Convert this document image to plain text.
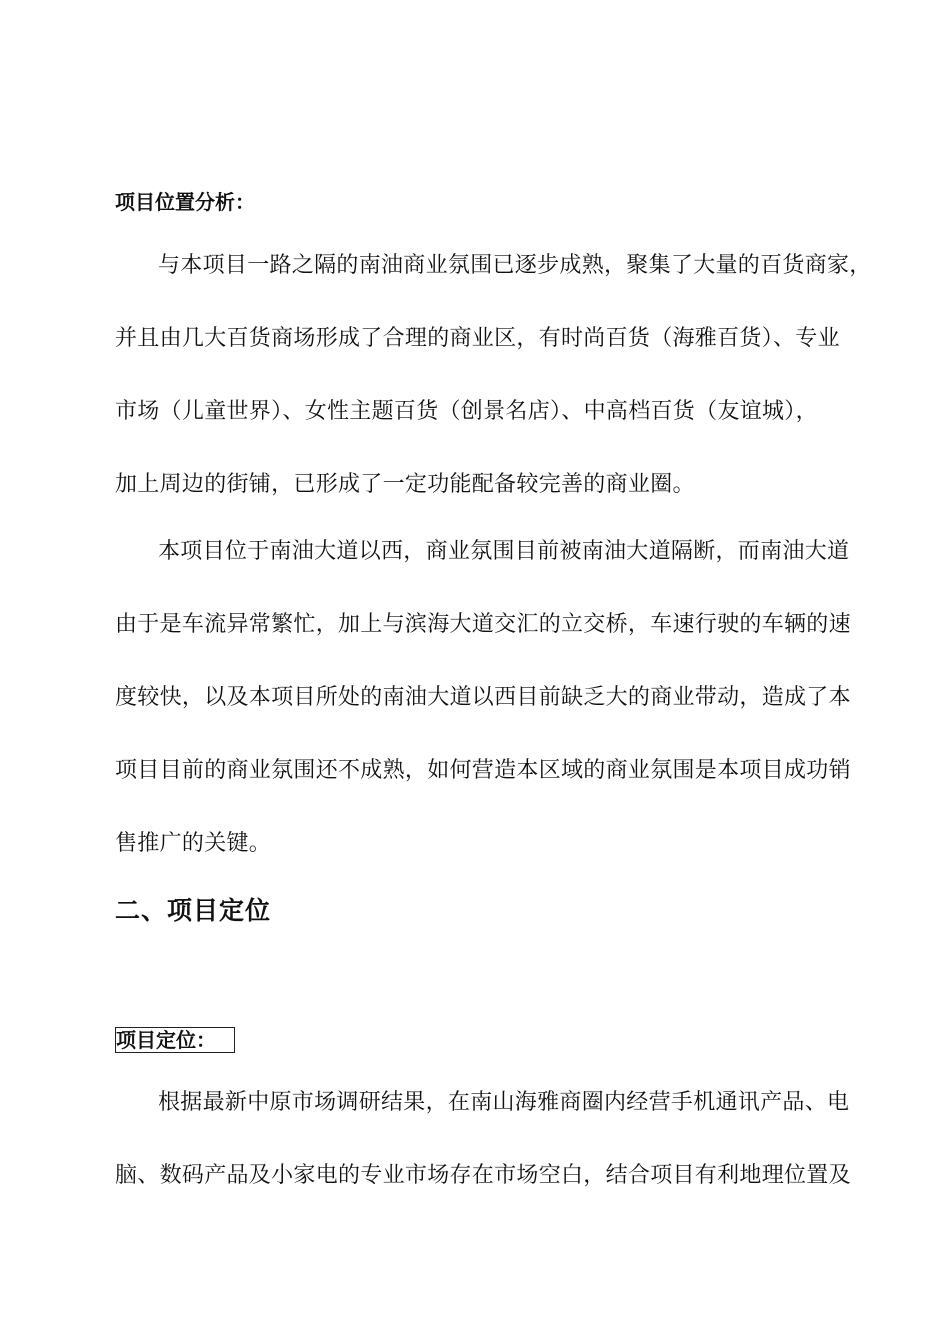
项目位置分析：
与本项目一路之隔的南油商业氛围已逐步成熟，聚集了大量的百货商家，
并且由几大百货商场形成了合理的商业区，有时尚百货（海雅百货）、专业
市场（儿童世界）、女性主题百货（创景名店）、中高档百货（友谊城），
加上周边的街铺，已形成了一定功能配备较完善的商业圈。
本项目位于南油大道以西，商业氛围目前被南油大道隔断，而南油大道
由于是车流异常繁忙，加上与滨海大道交汇的立交桥，车速行驶的车辆的速
度较快，以及本项目所处的南油大道以西目前缺乏大的商业带动，造成了本
项目目前的商业氛围还不成熟，如何营造本区域的商业氛围是本项目成功销
售推广的关键。
二、项目定位
项目定位：
根据最新中原市场调研结果，在南山海雅商圈内经营手机通讯产品、电
脑、数码产品及小家电的专业市场存在市场空白，结合项目有利地理位置及
